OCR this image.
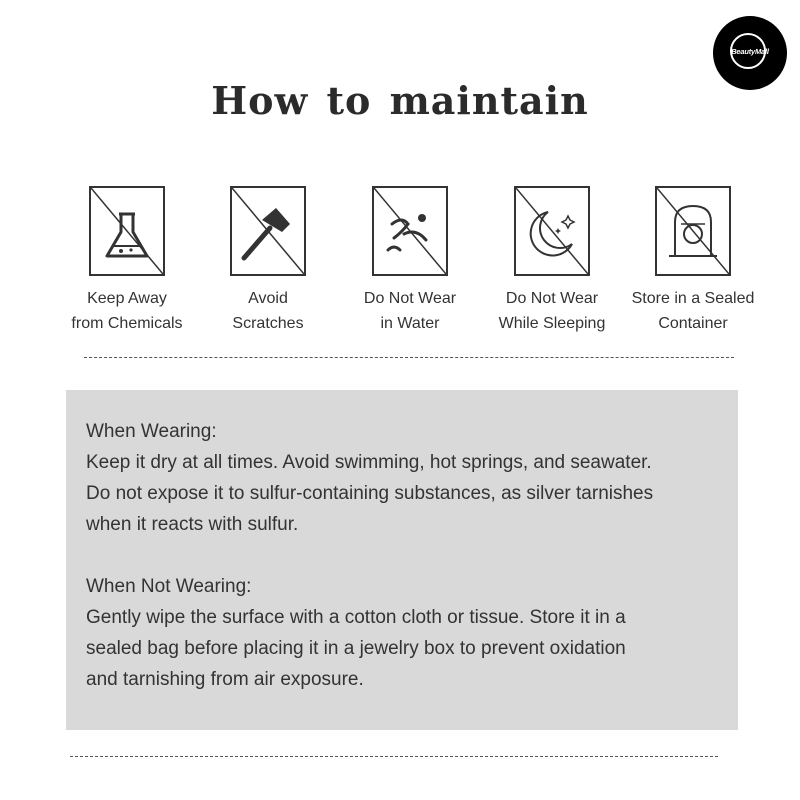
BeautyMall
How to maintain
Keep Away
from Chemicals
Avoid
Scratches
Do Not Wear
in Water
Do Not Wear
While Sleeping
Store in a Sealed
Container

When Wearing:
Keep it dry at all times. Avoid swimming, hot springs, and seawater.
Do not expose it to sulfur-containing substances, as silver tarnishes
when it reacts with sulfur.

When Not Wearing:
Gently wipe the surface with a cotton cloth or tissue. Store it in a
sealed bag before placing it in a jewelry box to prevent oxidation
and tarnishing from air exposure.
